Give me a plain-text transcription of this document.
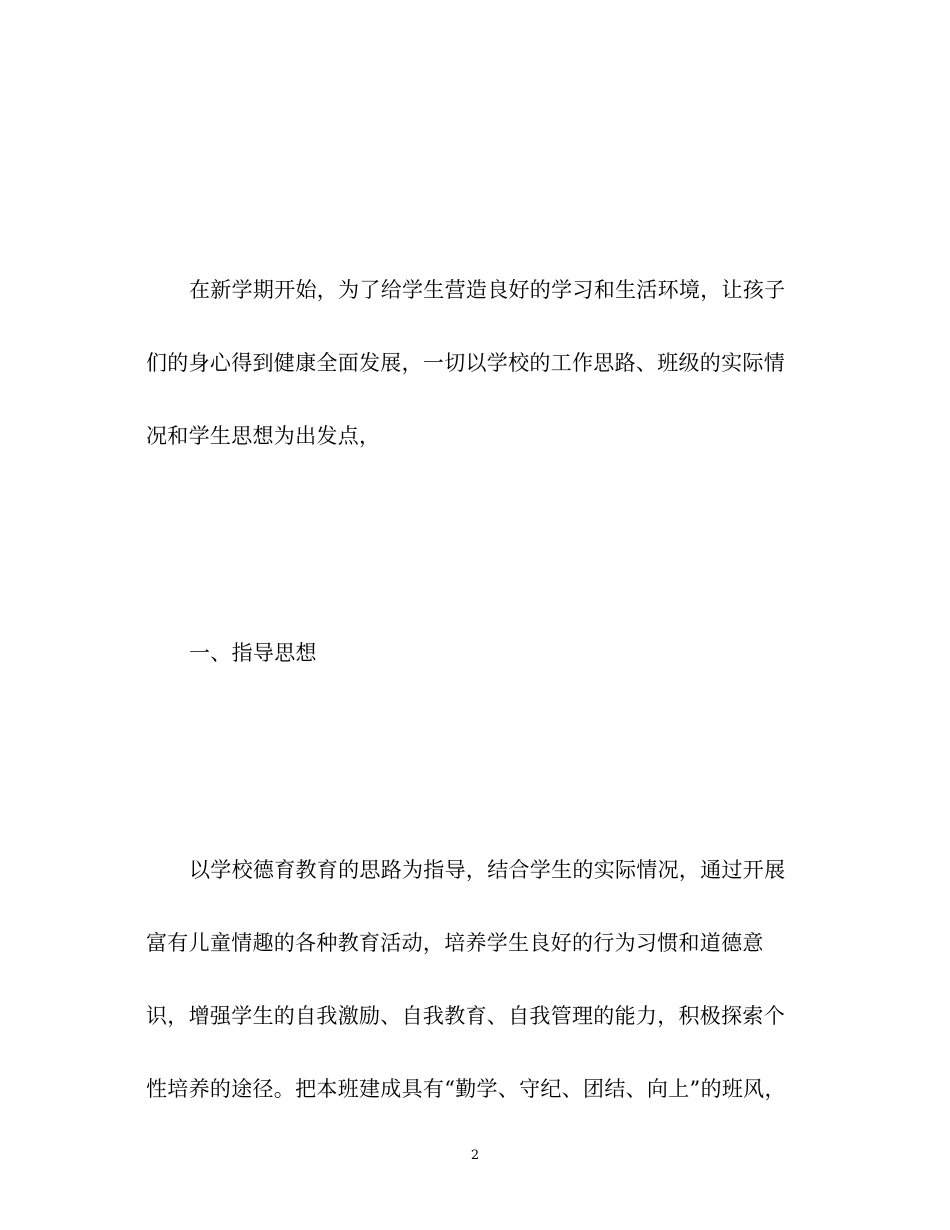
在新学期开始，为了给学生营造良好的学习和生活环境，让孩子
们的身心得到健康全面发展，一切以学校的工作思路、班级的实际情
况和学生思想为出发点，
一、指导思想
以学校德育教育的思路为指导，结合学生的实际情况，通过开展
富有儿童情趣的各种教育活动，培养学生良好的行为习惯和道德意
识，增强学生的自我激励、自我教育、自我管理的能力，积极探索个
性培养的途径。把本班建成具有“勤学、守纪、团结、向上”的班风，
2
